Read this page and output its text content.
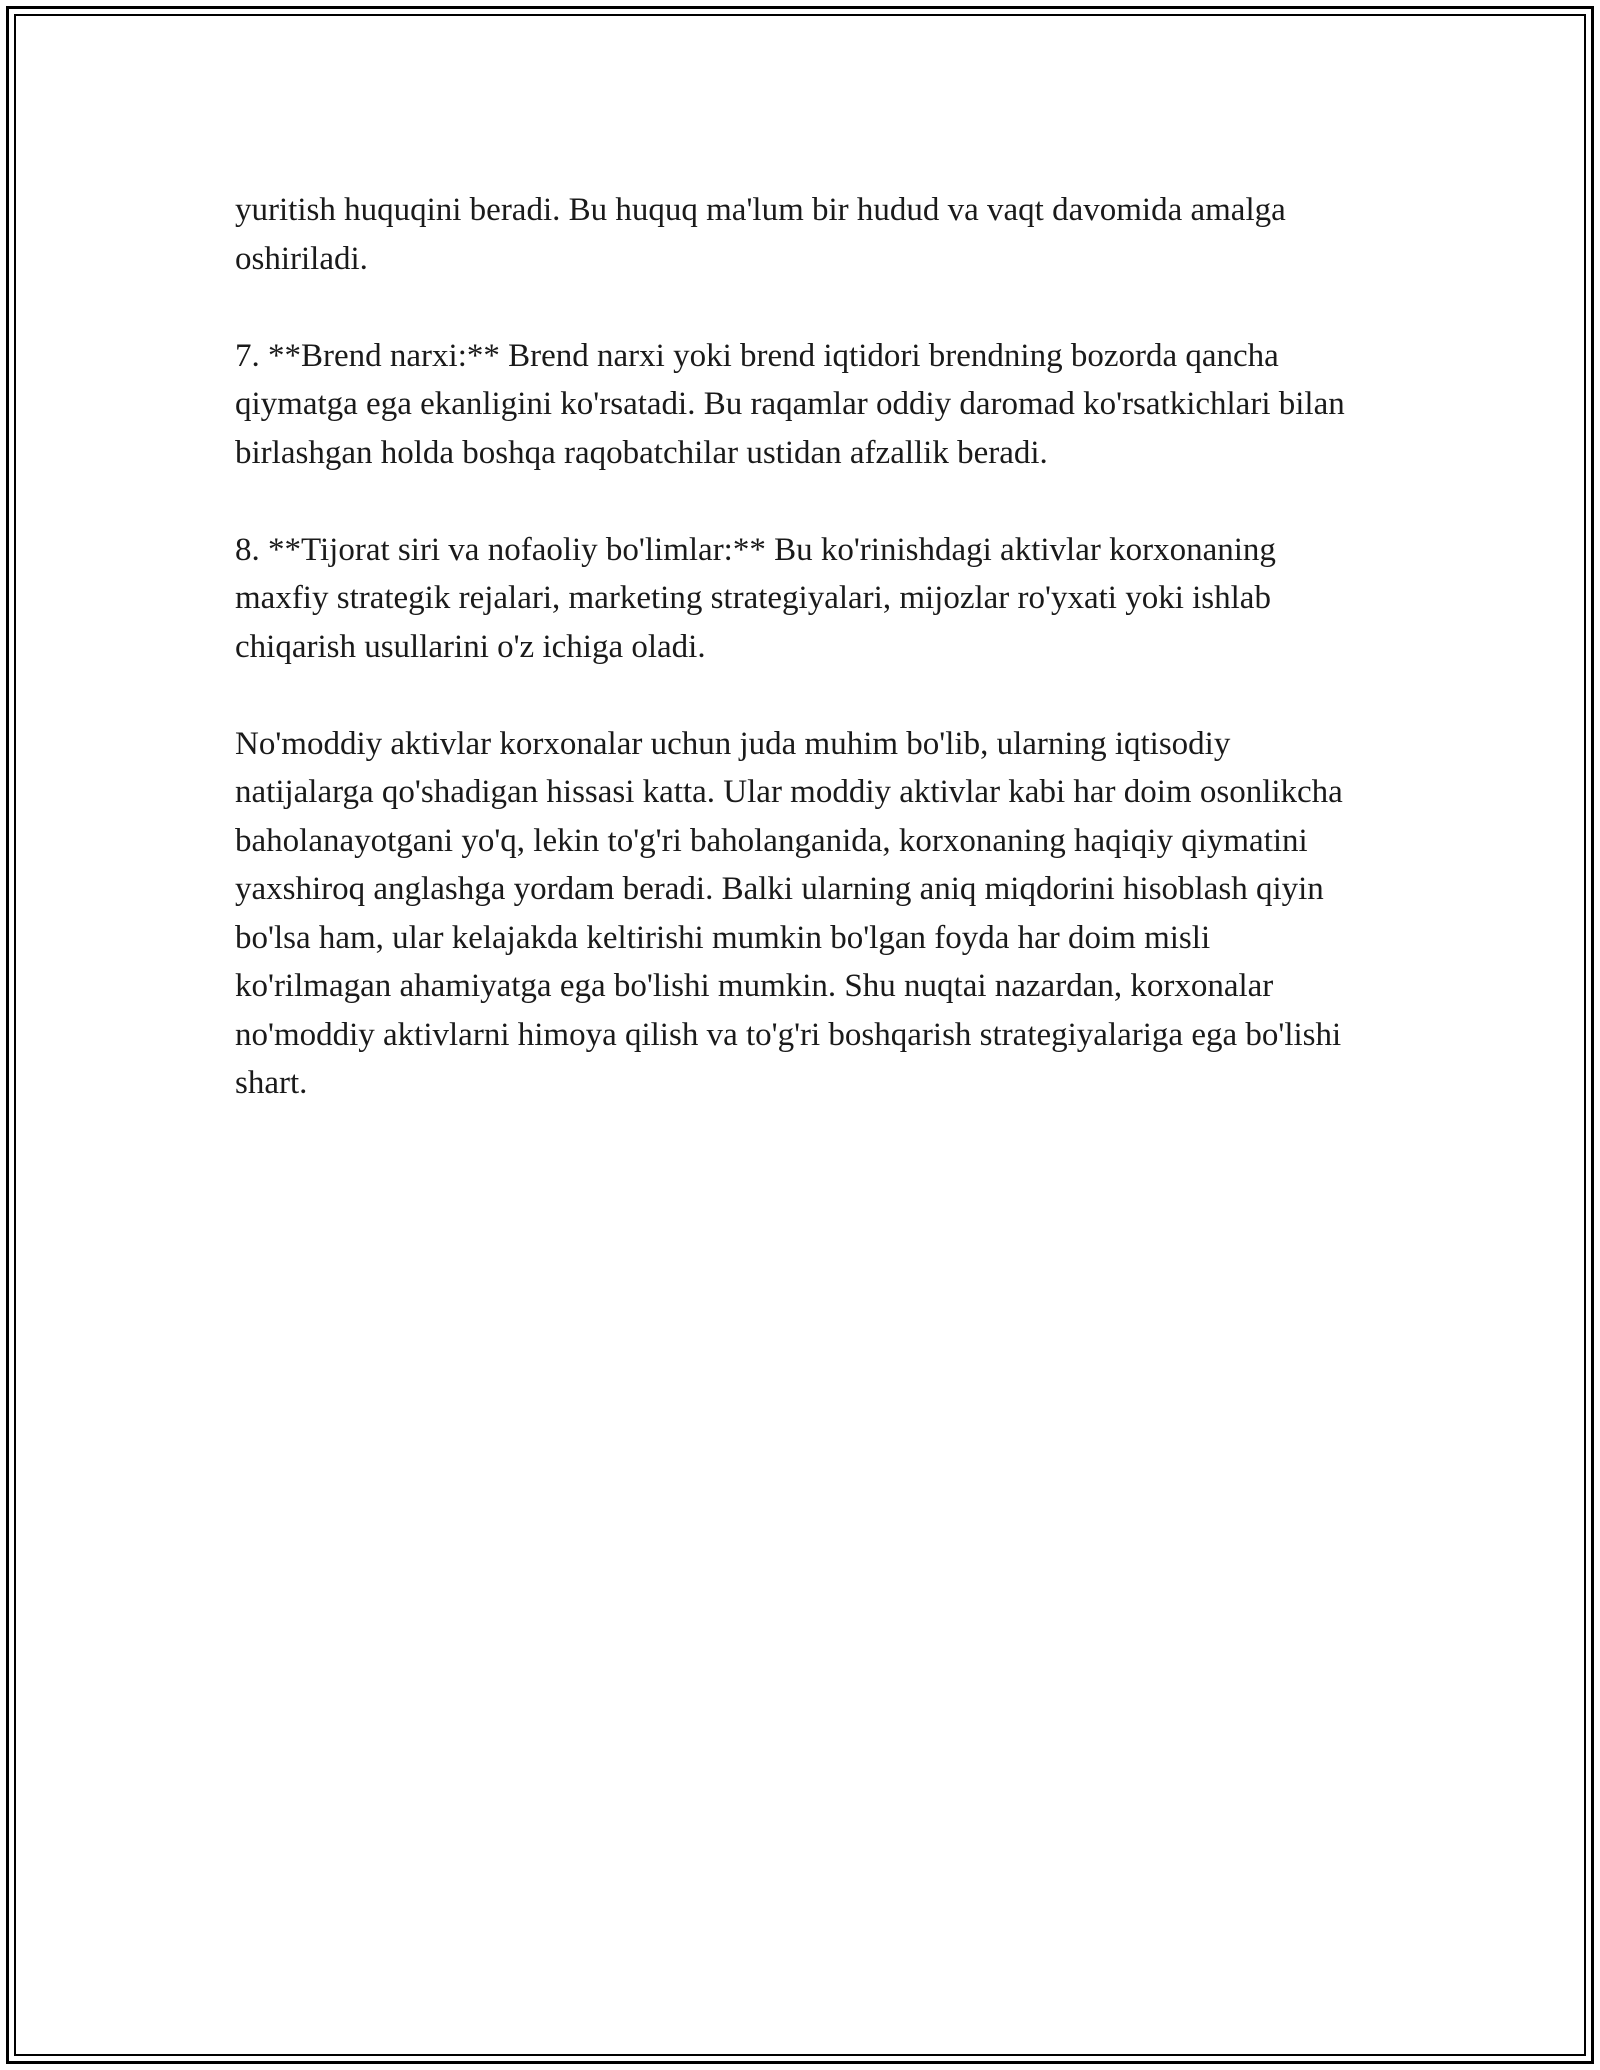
yuritish huquqini beradi. Bu huquq ma'lum bir hudud va vaqt davomida amalga oshiriladi.

7. **Brend narxi:** Brend narxi yoki brend iqtidori brendning bozorda qancha qiymatga ega ekanligini ko'rsatadi. Bu raqamlar oddiy daromad ko'rsatkichlari bilan birlashgan holda boshqa raqobatchilar ustidan afzallik beradi.

8. **Tijorat siri va nofaoliy bo'limlar:** Bu ko'rinishdagi aktivlar korxonaning maxfiy strategik rejalari, marketing strategiyalari, mijozlar ro'yxati yoki ishlab chiqarish usullarini o'z ichiga oladi.

No'moddiy aktivlar korxonalar uchun juda muhim bo'lib, ularning iqtisodiy natijalarga qo'shadigan hissasi katta. Ular moddiy aktivlar kabi har doim osonlikcha baholanayotgani yo'q, lekin to'g'ri baholanganida, korxonaning haqiqiy qiymatini yaxshiroq anglashga yordam beradi. Balki ularning aniq miqdorini hisoblash qiyin bo'lsa ham, ular kelajakda keltirishi mumkin bo'lgan foyda har doim misli ko'rilmagan ahamiyatga ega bo'lishi mumkin. Shu nuqtai nazardan, korxonalar no'moddiy aktivlarni himoya qilish va to'g'ri boshqarish strategiyalariga ega bo'lishi shart.
